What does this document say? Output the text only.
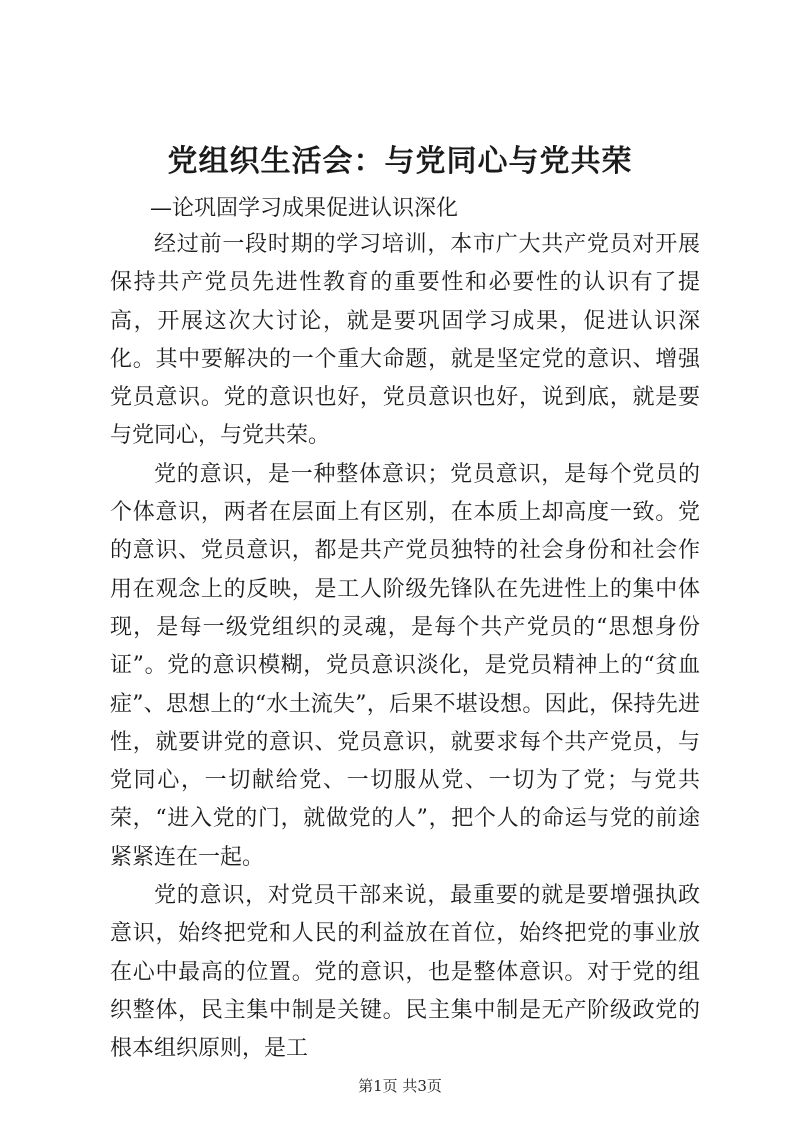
党组织生活会：与党同心与党共荣

—论巩固学习成果促进认识深化

经过前一段时期的学习培训，本市广大共产党员对开展保持共产党员先进性教育的重要性和必要性的认识有了提高，开展这次大讨论，就是要巩固学习成果，促进认识深化。其中要解决的一个重大命题，就是坚定党的意识、增强党员意识。党的意识也好，党员意识也好，说到底，就是要与党同心，与党共荣。

党的意识，是一种整体意识；党员意识，是每个党员的个体意识，两者在层面上有区别，在本质上却高度一致。党的意识、党员意识，都是共产党员独特的社会身份和社会作用在观念上的反映，是工人阶级先锋队在先进性上的集中体现，是每一级党组织的灵魂，是每个共产党员的“思想身份证”。党的意识模糊，党员意识淡化，是党员精神上的“贫血症”、思想上的“水土流失”，后果不堪设想。因此，保持先进性，就要讲党的意识、党员意识，就要求每个共产党员，与党同心，一切献给党、一切服从党、一切为了党；与党共荣，“进入党的门，就做党的人”，把个人的命运与党的前途紧紧连在一起。

党的意识，对党员干部来说，最重要的就是要增强执政意识，始终把党和人民的利益放在首位，始终把党的事业放在心中最高的位置。党的意识，也是整体意识。对于党的组织整体，民主集中制是关键。民主集中制是无产阶级政党的根本组织原则，是工

第1页 共3页
